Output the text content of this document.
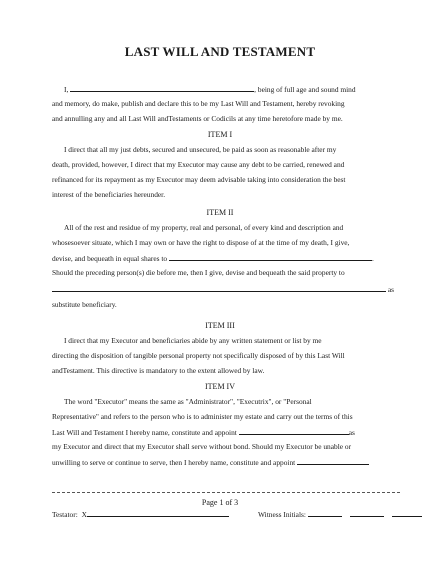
LAST WILL AND TESTAMENT
I,	, being of full age and sound mind
and memory, do make, publish and declare this to be my Last Will and Testament, hereby revoking
and annulling any and all Last Will andTestaments or Codicils at any time heretofore made by me.
ITEM I
I direct that all my just debts, secured and unsecured, be paid as soon as reasonable after my
death, provided, however, I direct that my Executor may cause any debt to be carried, renewed and
refinanced for its repayment as my Executor may deem advisable taking into consideration the best
interest of the beneficiaries hereunder.
ITEM II
All of the rest and residue of my property, real and personal, of every kind and description and
whosesoever situate, which I may own or have the right to dispose of at the time of my death, I give,
devise, and bequeath in equal shares to	.
Should the preceding person(s) die before me, then I give, devise and bequeath the said property to
as
substitute beneficiary.
ITEM III
I direct that my Executor and beneficiaries abide by any written statement or list by me
directing the disposition of tangible personal property not specifically disposed of by this Last Will
andTestament. This directive is mandatory to the extent allowed by law.
ITEM IV
The word "Executor" means the same as "Administrator", "Executrix", or "Personal
Representative" and refers to the person who is to administer my estate and carry out the terms of this
Last Will and Testament I hereby name, constitute and appoint	as
my Executor and direct that my Executor shall serve without bond. Should my Executor be unable or
unwilling to serve or continue to serve, then I hereby name, constitute and appoint
Page 1 of 3
Testator: X	Witness Initials:
